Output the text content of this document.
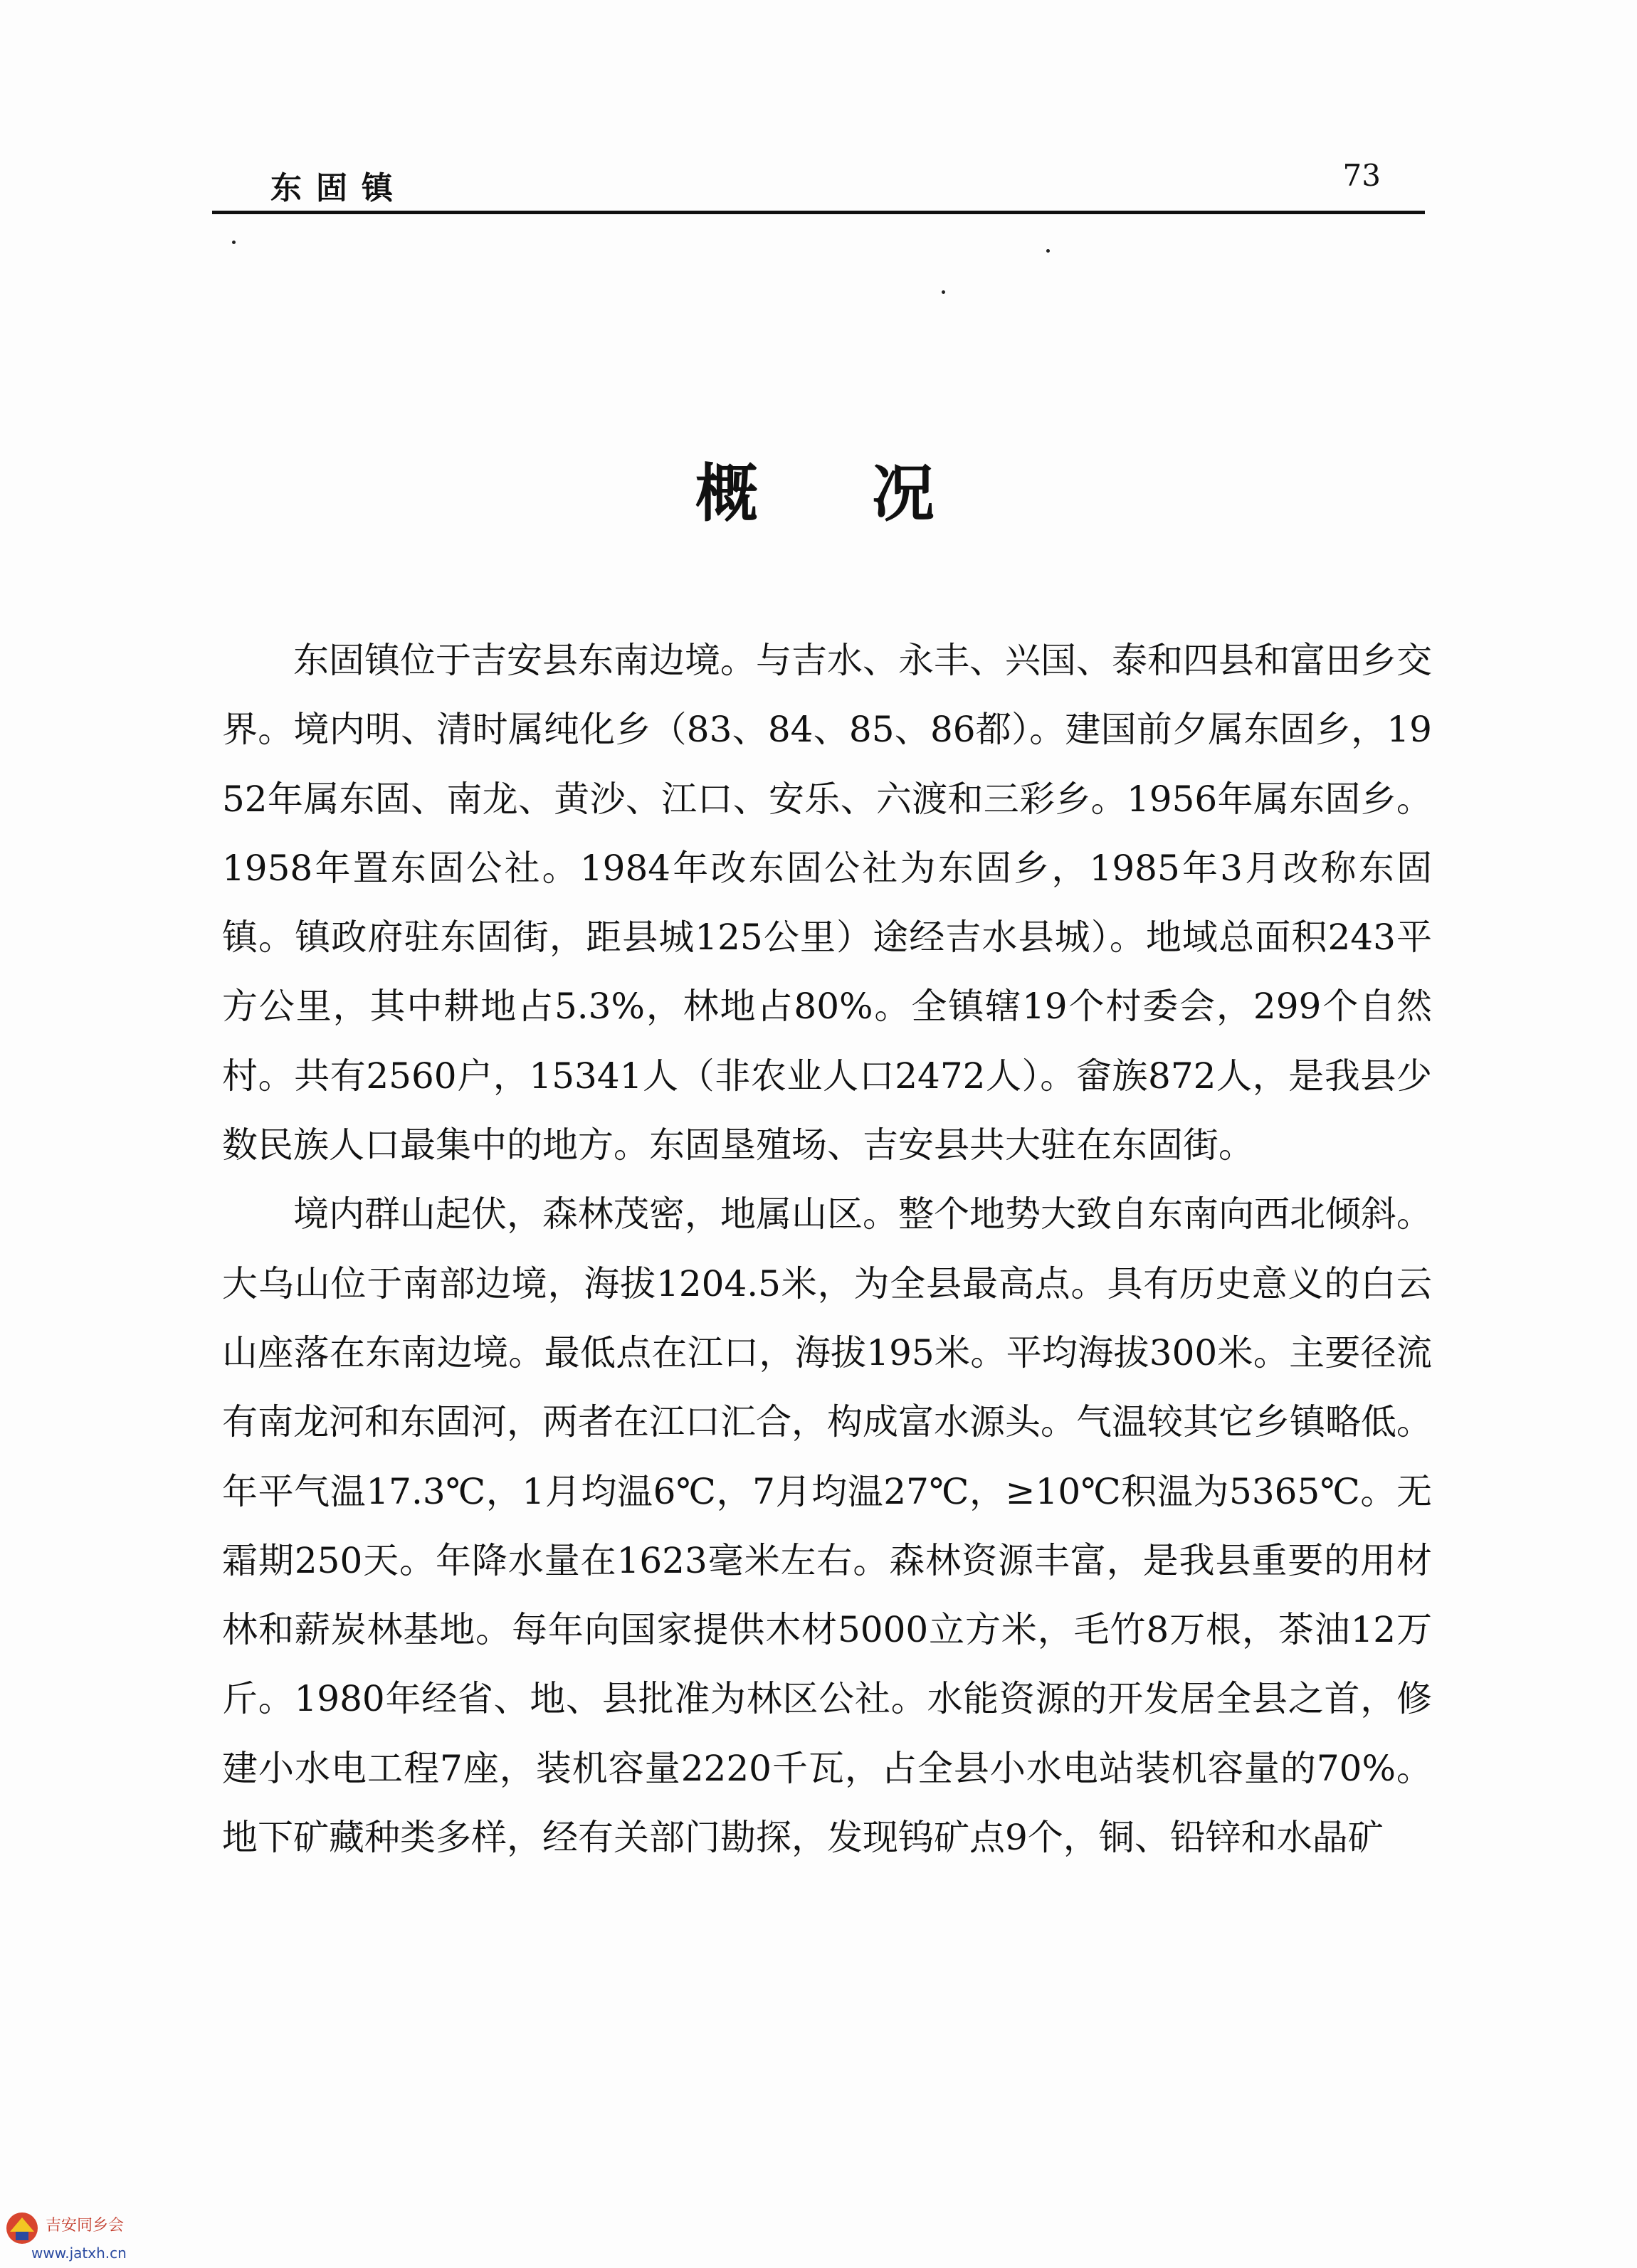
东固镇	73
概况

东固镇位于吉安县东南边境。与吉水、永丰、兴国、泰和四县和富田乡交界。境内明、清时属纯化乡（83、84、85、86都）。建国前夕属东固乡，1952年属东固、南龙、黄沙、江口、安乐、六渡和三彩乡。1956年属东固乡。1958年置东固公社。1984年改东固公社为东固乡，1985年3月改称东固镇。镇政府驻东固街，距县城125公里）途经吉水县城）。地域总面积243平方公里，其中耕地占5.3%，林地占80%。全镇辖19个村委会，299个自然村。共有2560户，15341人（非农业人口2472人）。畲族872人，是我县少数民族人口最集中的地方。东固垦殖场、吉安县共大驻在东固街。

境内群山起伏，森林茂密，地属山区。整个地势大致自东南向西北倾斜。大乌山位于南部边境，海拔1204.5米，为全县最高点。具有历史意义的白云山座落在东南边境。最低点在江口，海拔195米。平均海拔300米。主要径流有南龙河和东固河，两者在江口汇合，构成富水源头。气温较其它乡镇略低。年平气温17.3℃，1月均温6℃，7月均温27℃，≥10℃积温为5365℃。无霜期250天。年降水量在1623毫米左右。森林资源丰富，是我县重要的用材林和薪炭林基地。每年向国家提供木材5000立方米，毛竹8万根，茶油12万斤。1980年经省、地、县批准为林区公社。水能资源的开发居全县之首，修建小水电工程7座，装机容量2220千瓦，占全县小水电站装机容量的70%。地下矿藏种类多样，经有关部门勘探，发现钨矿点9个，铜、铅锌和水晶矿

吉安同乡会
www.jatxh.cn
